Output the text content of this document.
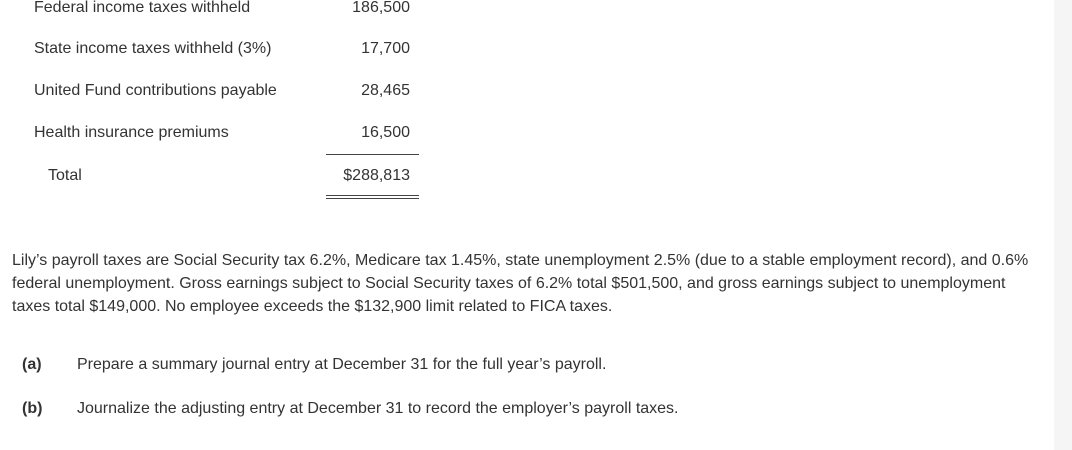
Federal income taxes withheld	186,500
State income taxes withheld (3%)	17,700
United Fund contributions payable	28,465
Health insurance premiums	16,500
Total	$288,813
Lily’s payroll taxes are Social Security tax 6.2%, Medicare tax 1.45%, state unemployment 2.5% (due to a stable employment record), and 0.6% federal unemployment. Gross earnings subject to Social Security taxes of 6.2% total $501,500, and gross earnings subject to unemployment taxes total $149,000. No employee exceeds the $132,900 limit related to FICA taxes.
(a) Prepare a summary journal entry at December 31 for the full year’s payroll.
(b) Journalize the adjusting entry at December 31 to record the employer’s payroll taxes.
